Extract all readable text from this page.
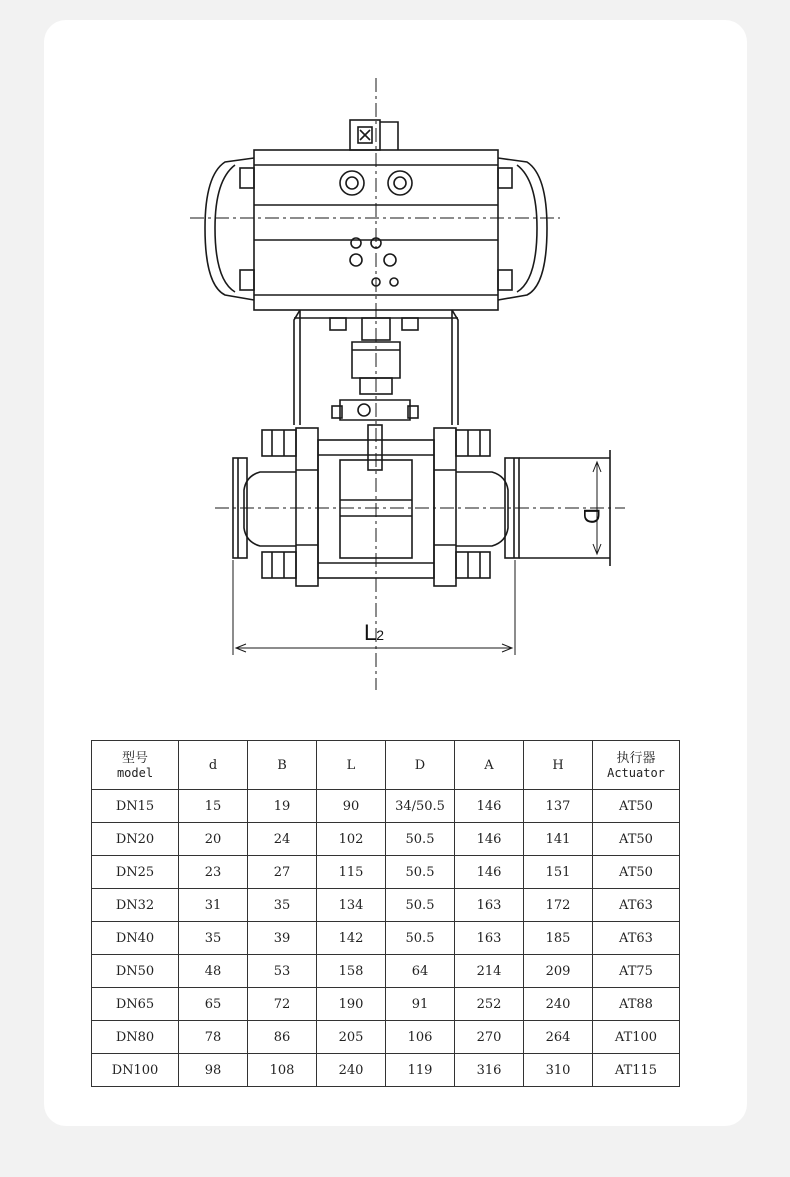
D
L2
型号
model	d	B	L	D	A	H	执行器
Actuator

DN15	15	19	90	34/50.5	146	137	AT50
DN20	20	24	102	50.5	146	141	AT50
DN25	23	27	115	50.5	146	151	AT50
DN32	31	35	134	50.5	163	172	AT63
DN40	35	39	142	50.5	163	185	AT63
DN50	48	53	158	64	214	209	AT75
DN65	65	72	190	91	252	240	AT88
DN80	78	86	205	106	270	264	AT100
DN100	98	108	240	119	316	310	AT115
